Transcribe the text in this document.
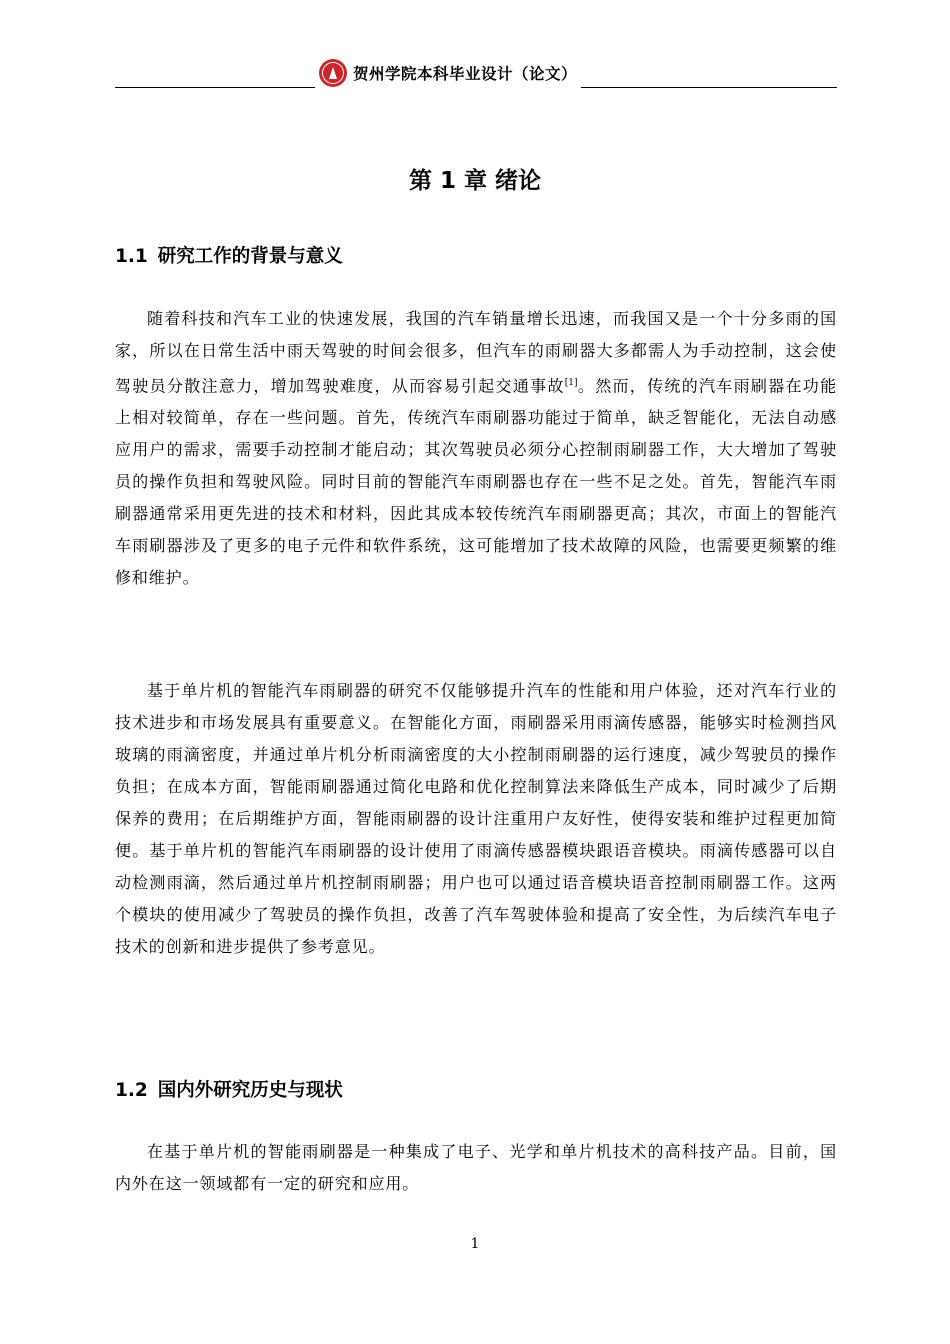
贺州学院本科毕业设计（论文）
第 1 章 绪论
1.1 研究工作的背景与意义
随着科技和汽车工业的快速发展，我国的汽车销量增长迅速，而我国又是一个十分多雨的国家，所以在日常生活中雨天驾驶的时间会很多，但汽车的雨刷器大多都需人为手动控制，这会使驾驶员分散注意力，增加驾驶难度，从而容易引起交通事故[1]。然而，传统的汽车雨刷器在功能上相对较简单，存在一些问题。首先，传统汽车雨刷器功能过于简单，缺乏智能化，无法自动感应用户的需求，需要手动控制才能启动；其次驾驶员必须分心控制雨刷器工作，大大增加了驾驶员的操作负担和驾驶风险。同时目前的智能汽车雨刷器也存在一些不足之处。首先，智能汽车雨刷器通常采用更先进的技术和材料，因此其成本较传统汽车雨刷器更高；其次，市面上的智能汽车雨刷器涉及了更多的电子元件和软件系统，这可能增加了技术故障的风险，也需要更频繁的维修和维护。
基于单片机的智能汽车雨刷器的研究不仅能够提升汽车的性能和用户体验，还对汽车行业的技术进步和市场发展具有重要意义。在智能化方面，雨刷器采用雨滴传感器，能够实时检测挡风玻璃的雨滴密度，并通过单片机分析雨滴密度的大小控制雨刷器的运行速度，减少驾驶员的操作负担；在成本方面，智能雨刷器通过简化电路和优化控制算法来降低生产成本，同时减少了后期保养的费用；在后期维护方面，智能雨刷器的设计注重用户友好性，使得安装和维护过程更加简便。基于单片机的智能汽车雨刷器的设计使用了雨滴传感器模块跟语音模块。雨滴传感器可以自动检测雨滴，然后通过单片机控制雨刷器；用户也可以通过语音模块语音控制雨刷器工作。这两个模块的使用减少了驾驶员的操作负担，改善了汽车驾驶体验和提高了安全性，为后续汽车电子技术的创新和进步提供了参考意见。
1.2 国内外研究历史与现状
在基于单片机的智能雨刷器是一种集成了电子、光学和单片机技术的高科技产品。目前，国内外在这一领域都有一定的研究和应用。
1
